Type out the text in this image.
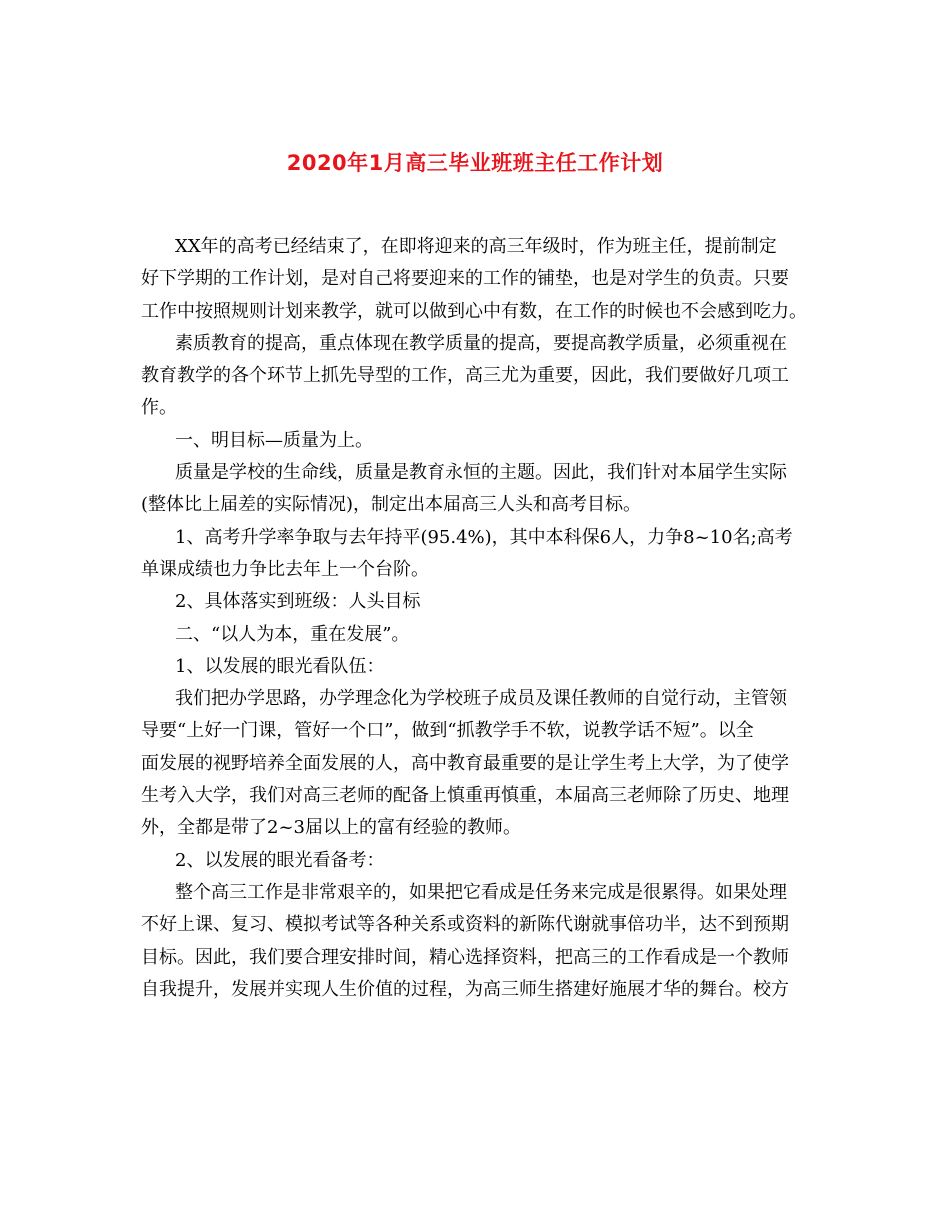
2020年1月高三毕业班班主任工作计划
XX年的高考已经结束了，在即将迎来的高三年级时，作为班主任，提前制定
好下学期的工作计划，是对自己将要迎来的工作的铺垫，也是对学生的负责。只要
工作中按照规则计划来教学，就可以做到心中有数，在工作的时候也不会感到吃力。
素质教育的提高，重点体现在教学质量的提高，要提高教学质量，必须重视在
教育教学的各个环节上抓先导型的工作，高三尤为重要，因此，我们要做好几项工
作。
一、明目标—质量为上。
质量是学校的生命线，质量是教育永恒的主题。因此，我们针对本届学生实际
(整体比上届差的实际情况)，制定出本届高三人头和高考目标。
1、高考升学率争取与去年持平(95.4%)，其中本科保6人，力争8~10名;高考
单课成绩也力争比去年上一个台阶。
2、具体落实到班级：人头目标
二、“以人为本，重在发展”。
1、以发展的眼光看队伍：
我们把办学思路，办学理念化为学校班子成员及课任教师的自觉行动，主管领
导要“上好一门课，管好一个口”，做到“抓教学手不软，说教学话不短”。以全
面发展的视野培养全面发展的人，高中教育最重要的是让学生考上大学，为了使学
生考入大学，我们对高三老师的配备上慎重再慎重，本届高三老师除了历史、地理
外，全都是带了2~3届以上的富有经验的教师。
2、以发展的眼光看备考：
整个高三工作是非常艰辛的，如果把它看成是任务来完成是很累得。如果处理
不好上课、复习、模拟考试等各种关系或资料的新陈代谢就事倍功半，达不到预期
目标。因此，我们要合理安排时间，精心选择资料，把高三的工作看成是一个教师
自我提升，发展并实现人生价值的过程，为高三师生搭建好施展才华的舞台。校方
